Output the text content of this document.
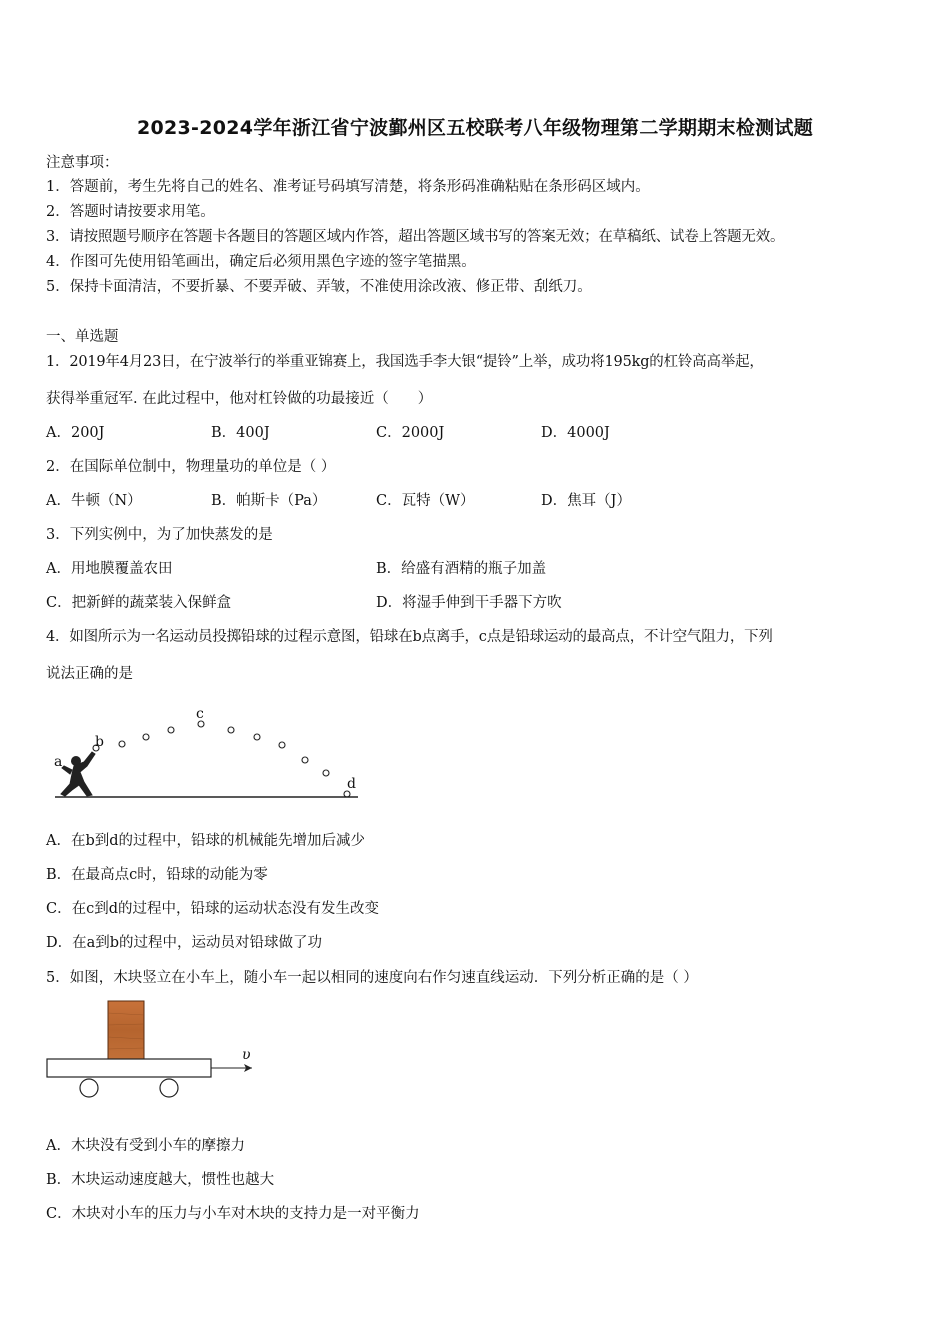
2023-2024学年浙江省宁波鄞州区五校联考八年级物理第二学期期末检测试题
注意事项：
1．答题前，考生先将自己的姓名、准考证号码填写清楚，将条形码准确粘贴在条形码区域内。
2．答题时请按要求用笔。
3．请按照题号顺序在答题卡各题目的答题区域内作答，超出答题区域书写的答案无效；在草稿纸、试卷上答题无效。
4．作图可先使用铅笔画出，确定后必须用黑色字迹的签字笔描黑。
5．保持卡面清洁，不要折暴、不要弄破、弄皱，不准使用涂改液、修正带、刮纸刀。
一、单选题
1．2019年4月23日，在宁波举行的举重亚锦赛上，我国选手李大银“提铃”上举，成功将195kg的杠铃高高举起，
获得举重冠军. 在此过程中，他对杠铃做的功最接近（　　）
A．200J	B．400J	C．2000J	D．4000J
2．在国际单位制中，物理量功的单位是（ ）
A．牛顿（N）	B．帕斯卡（Pa）	C．瓦特（W）	D．焦耳（J）
3．下列实例中，为了加快蒸发的是
A．用地膜覆盖农田	B．给盛有酒精的瓶子加盖
C．把新鲜的蔬菜装入保鲜盒	D．将湿手伸到干手器下方吹
4．如图所示为一名运动员投掷铅球的过程示意图，铅球在b点离手，c点是铅球运动的最高点，不计空气阻力，下列
说法正确的是
a
b
c
d
A．在b到d的过程中，铅球的机械能先增加后减少
B．在最高点c时，铅球的动能为零
C．在c到d的过程中，铅球的运动状态没有发生改变
D．在a到b的过程中，运动员对铅球做了功
5．如图，木块竖立在小车上，随小车一起以相同的速度向右作匀速直线运动．下列分析正确的是（ ）
υ
A．木块没有受到小车的摩擦力
B．木块运动速度越大，惯性也越大
C．木块对小车的压力与小车对木块的支持力是一对平衡力
